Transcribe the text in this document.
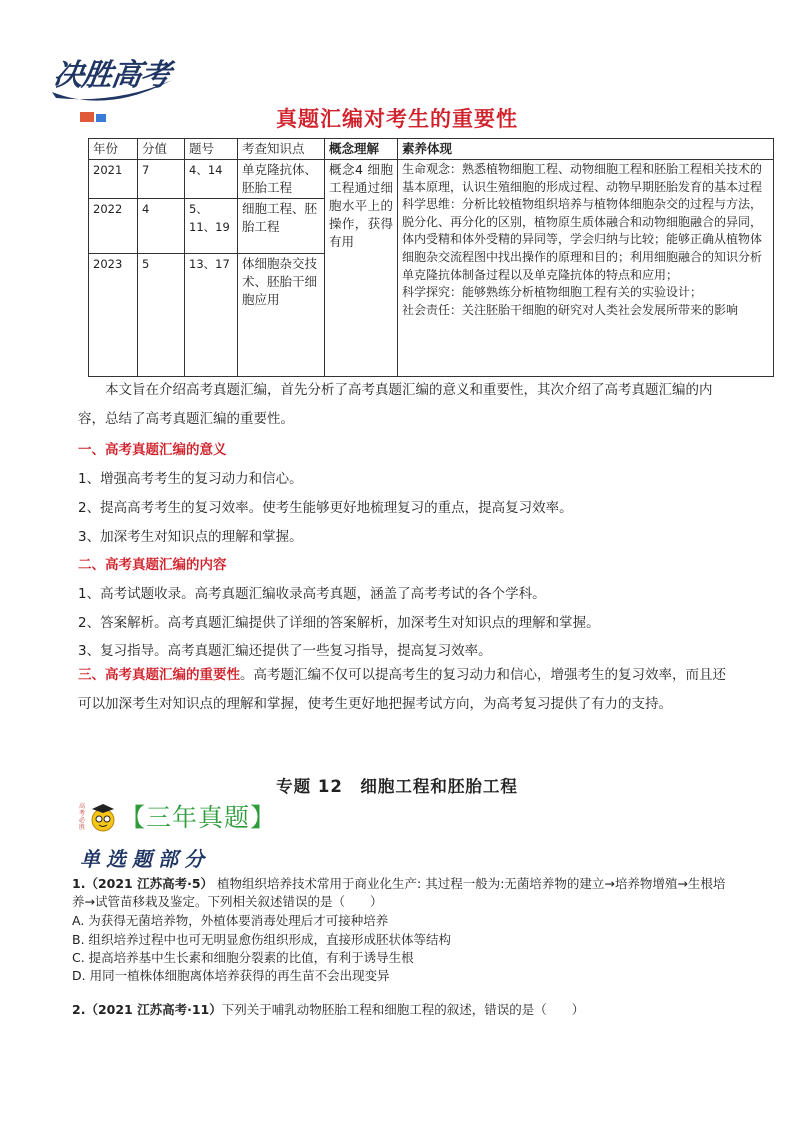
决胜高考
真题汇编对考生的重要性
年份	分值	题号	考查知识点	概念理解	素养体现
2021	7	4、14	单克隆抗体、胚胎工程	概念4 细胞工程通过细胞水平上的操作，获得有用	生命观念：熟悉植物细胞工程、动物细胞工程和胚胎工程相关技术的基本原理，认识生殖细胞的形成过程、动物早期胚胎发育的基本过程
科学思维：分析比较植物组织培养与植物体细胞杂交的过程与方法，脱分化、再分化的区别，植物原生质体融合和动物细胞融合的异同，体内受精和体外受精的异同等，学会归纳与比较；能够正确从植物体细胞杂交流程图中找出操作的原理和目的；利用细胞融合的知识分析单克隆抗体制备过程以及单克隆抗体的特点和应用；
科学探究：能够熟练分析植物细胞工程有关的实验设计；
社会责任：关注胚胎干细胞的研究对人类社会发展所带来的影响

2022	4	5、11、19	细胞工程、胚胎工程		
2023	5	13、17	体细胞杂交技术、胚胎干细胞应用		
本文旨在介绍高考真题汇编，首先分析了高考真题汇编的意义和重要性，其次介绍了高考真题汇编的内容，总结了高考真题汇编的重要性。
一、高考真题汇编的意义
1、增强高考考生的复习动力和信心。
2、提高高考考生的复习效率。使考生能够更好地梳理复习的重点，提高复习效率。
3、加深考生对知识点的理解和掌握。
二、高考真题汇编的内容
1、高考试题收录。高考真题汇编收录高考真题，涵盖了高考考试的各个学科。
2、答案解析。高考真题汇编提供了详细的答案解析，加深考生对知识点的理解和掌握。
3、复习指导。高考真题汇编还提供了一些复习指导，提高复习效率。
三、高考真题汇编的重要性。高考题汇编不仅可以提高考生的复习动力和信心，增强考生的复习效率，而且还可以加深考生对知识点的理解和掌握，使考生更好地把握考试方向，为高考复习提供了有力的支持。
专题 12　细胞工程和胚胎工程
高
考
必
胜 【三年真题】
单选题部分
1.（2021 江苏高考·5） 植物组织培养技术常用于商业化生产: 其过程一般为:无菌培养物的建立→培养物增殖→生根培养→试管苗移栽及鉴定。下列相关叙述错误的是（　　）
A. 为获得无菌培养物，外植体要消毒处理后才可接种培养
B. 组织培养过程中也可无明显愈伤组织形成，直接形成胚状体等结构
C. 提高培养基中生长素和细胞分裂素的比值，有利于诱导生根
D. 用同一植株体细胞离体培养获得的再生苗不会出现变异
2.（2021 江苏高考·11）下列关于哺乳动物胚胎工程和细胞工程的叙述，错误的是（　　）
